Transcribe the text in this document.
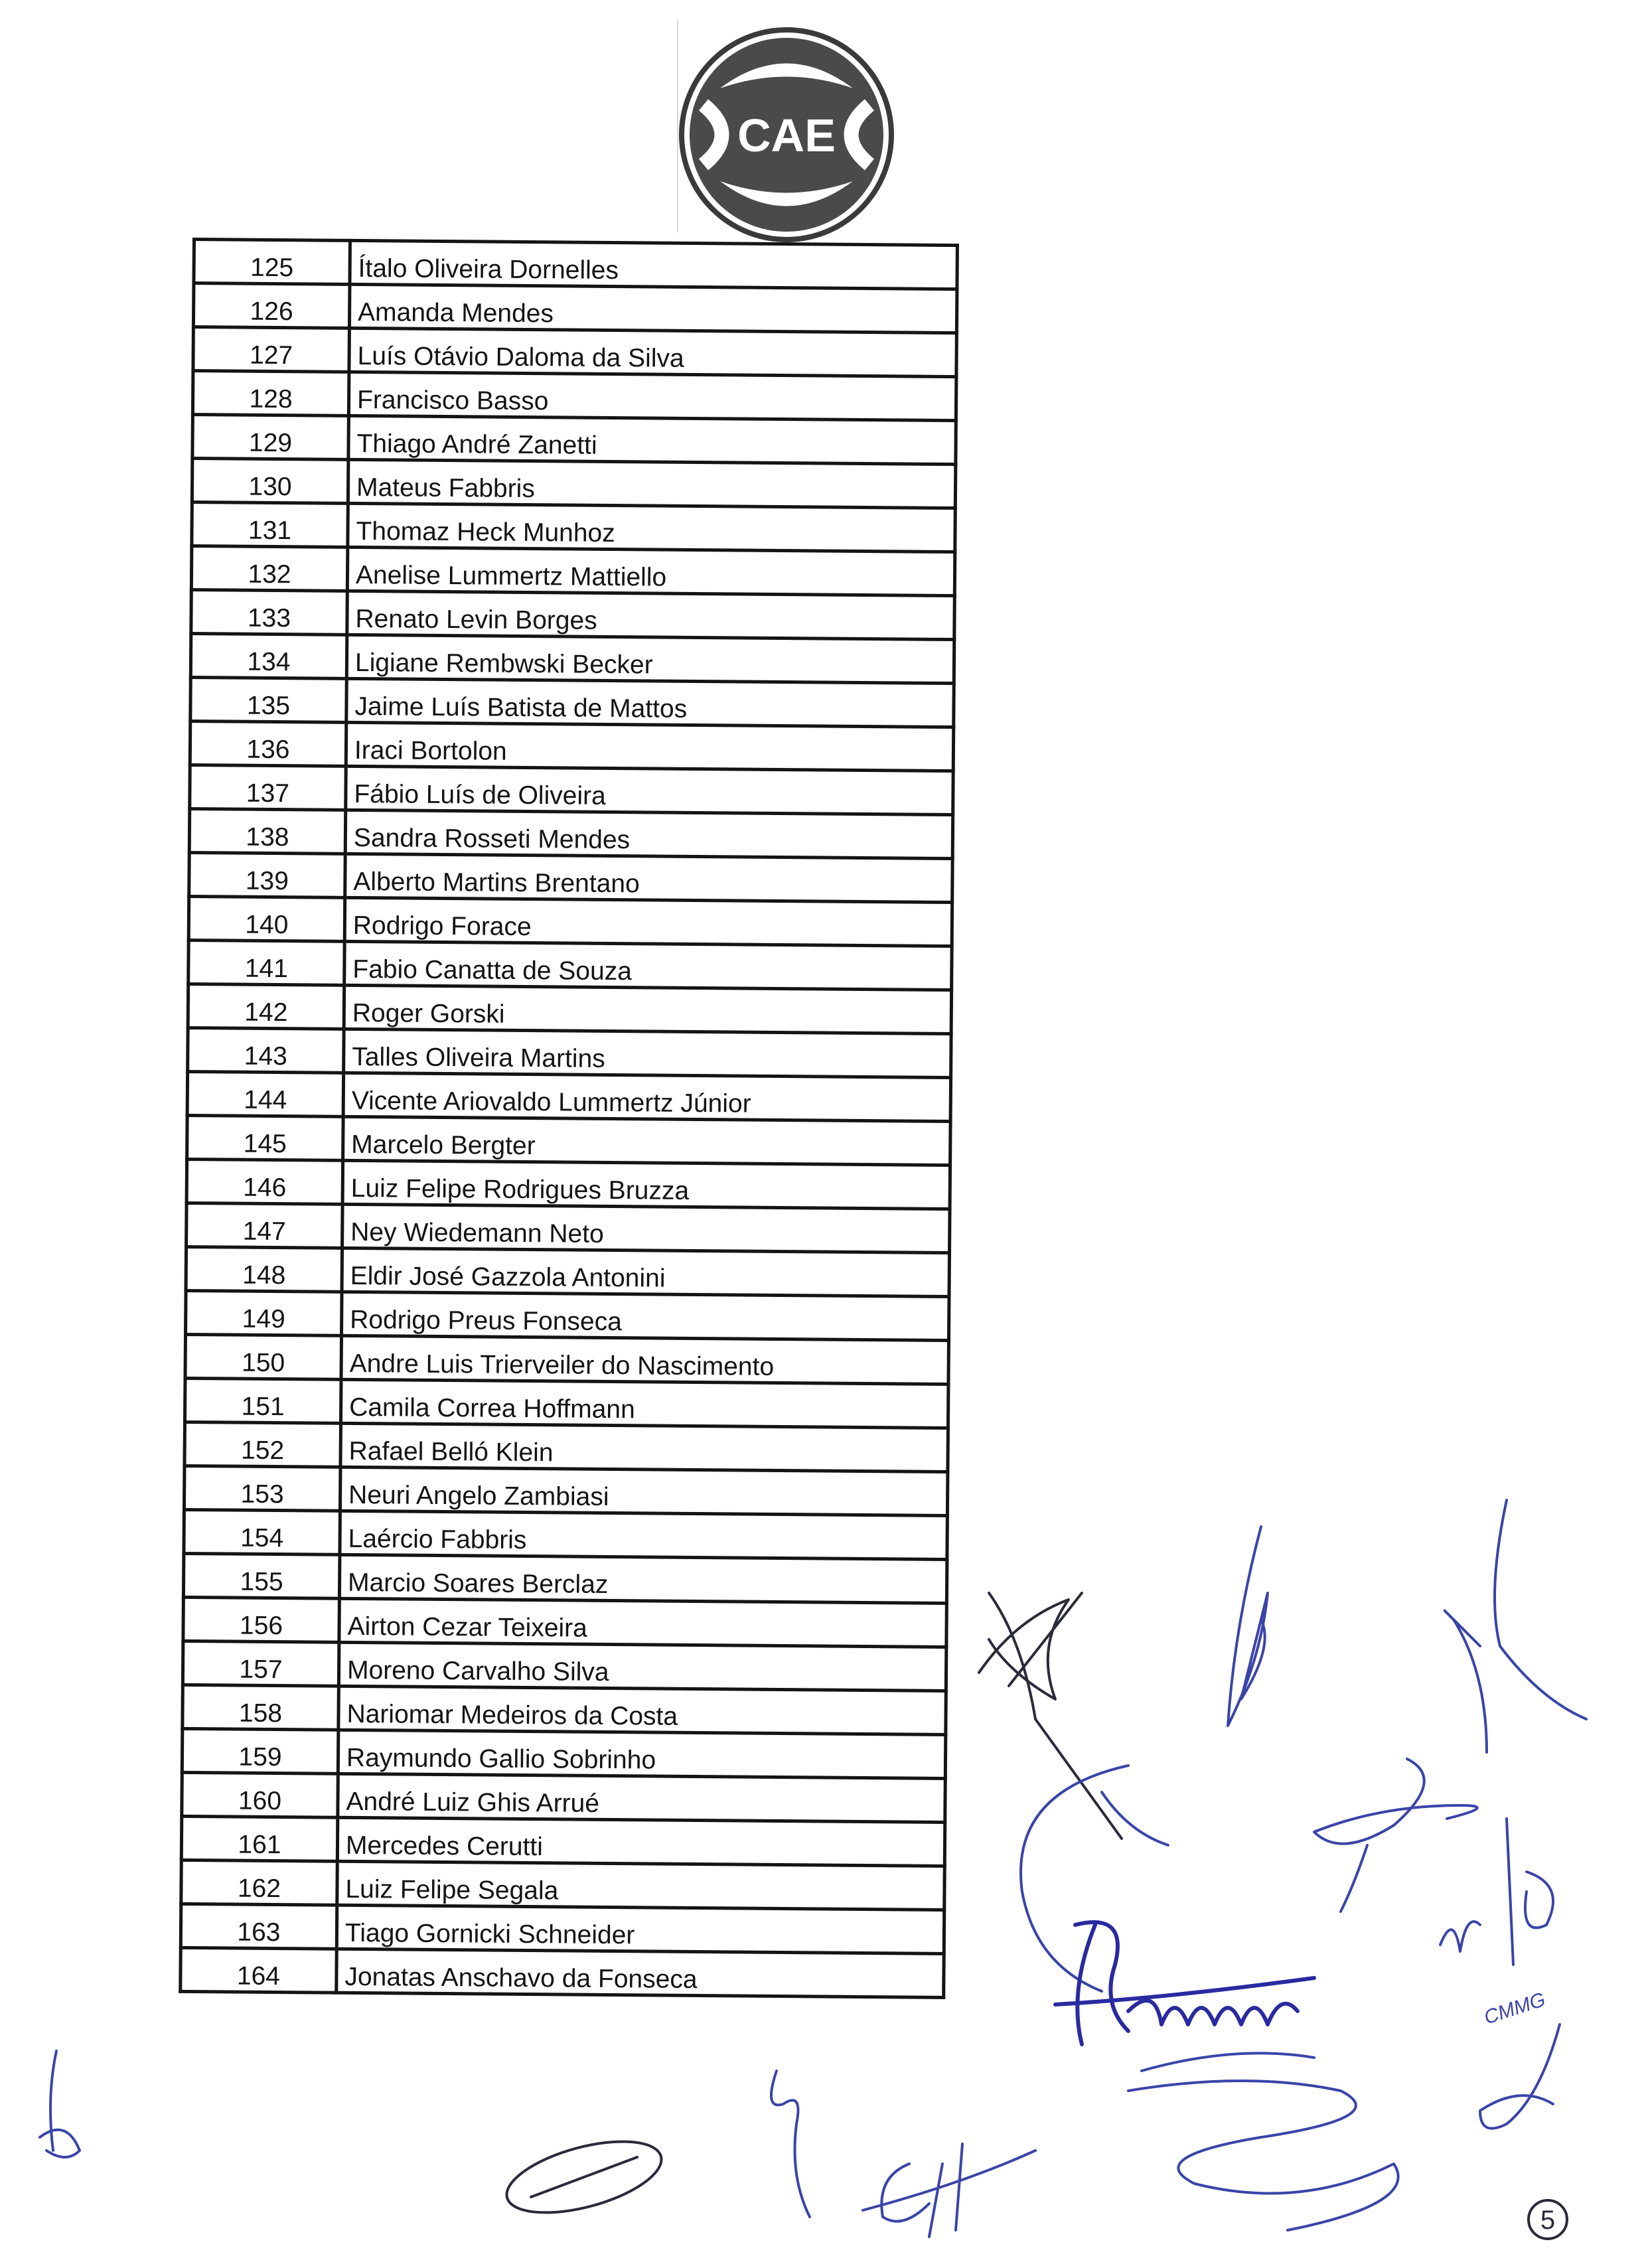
CAE
125	Ítalo Oliveira Dornelles
126	Amanda Mendes
127	Luís Otávio Daloma da Silva
128	Francisco Basso
129	Thiago André Zanetti
130	Mateus Fabbris
131	Thomaz Heck Munhoz
132	Anelise Lummertz Mattiello
133	Renato Levin Borges
134	Ligiane Rembwski Becker
135	Jaime Luís Batista de Mattos
136	Iraci Bortolon
137	Fábio Luís de Oliveira
138	Sandra Rosseti Mendes
139	Alberto Martins Brentano
140	Rodrigo Forace
141	Fabio Canatta de Souza
142	Roger Gorski
143	Talles Oliveira Martins
144	Vicente Ariovaldo Lummertz Júnior
145	Marcelo Bergter
146	Luiz Felipe Rodrigues Bruzza
147	Ney Wiedemann Neto
148	Eldir José Gazzola Antonini
149	Rodrigo Preus Fonseca
150	Andre Luis Trierveiler do Nascimento
151	Camila Correa Hoffmann
152	Rafael Belló Klein
153	Neuri Angelo Zambiasi
154	Laércio Fabbris
155	Marcio Soares Berclaz
156	Airton Cezar Teixeira
157	Moreno Carvalho Silva
158	Nariomar Medeiros da Costa
159	Raymundo Gallio Sobrinho
160	André Luiz Ghis Arrué
161	Mercedes Cerutti
162	Luiz Felipe Segala
163	Tiago Gornicki Schneider
164	Jonatas Anschavo da Fonseca
CMMG
5
